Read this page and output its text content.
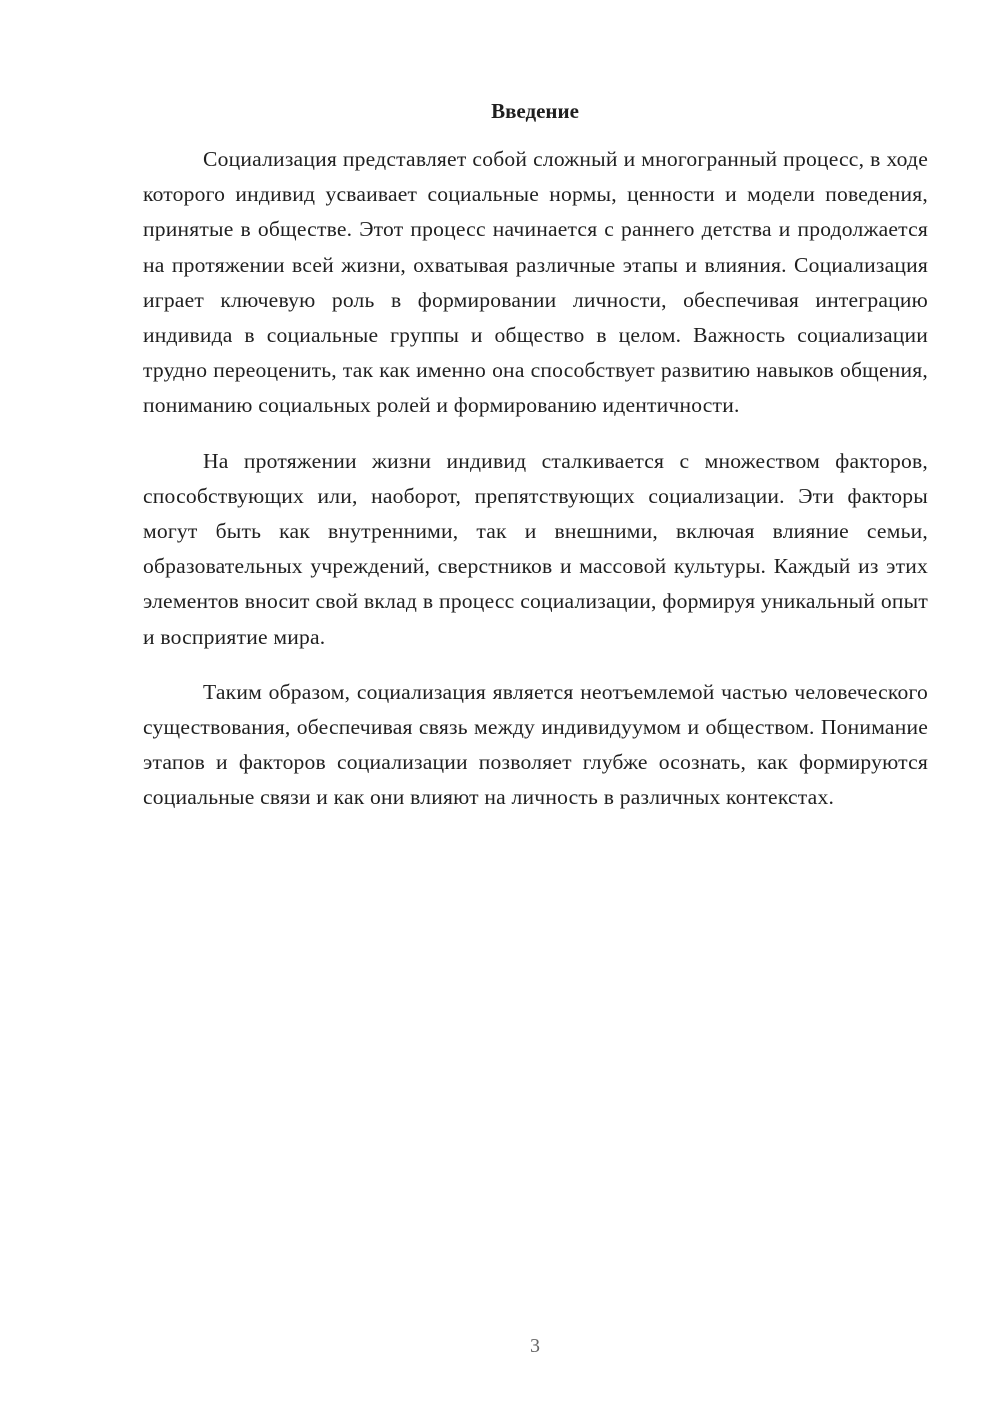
Введение

Социализация представляет собой сложный и многогранный процесс, в ходе которого индивид усваивает социальные нормы, ценности и модели поведения, принятые в обществе. Этот процесс начинается с раннего детства и продолжается на протяжении всей жизни, охватывая различные этапы и влияния. Социализация играет ключевую роль в формировании личности, обеспечивая интеграцию индивида в социальные группы и общество в целом. Важность социализации трудно переоценить, так как именно она способствует развитию навыков общения, пониманию социальных ролей и формированию идентичности.

На протяжении жизни индивид сталкивается с множеством факторов, способствующих или, наоборот, препятствующих социализации. Эти факторы могут быть как внутренними, так и внешними, включая влияние семьи, образовательных учреждений, сверстников и массовой культуры. Каждый из этих элементов вносит свой вклад в процесс социализации, формируя уникальный опыт и восприятие мира.

Таким образом, социализация является неотъемлемой частью человеческого существования, обеспечивая связь между индивидуумом и обществом. Понимание этапов и факторов социализации позволяет глубже осознать, как формируются социальные связи и как они влияют на личность в различных контекстах.

3
